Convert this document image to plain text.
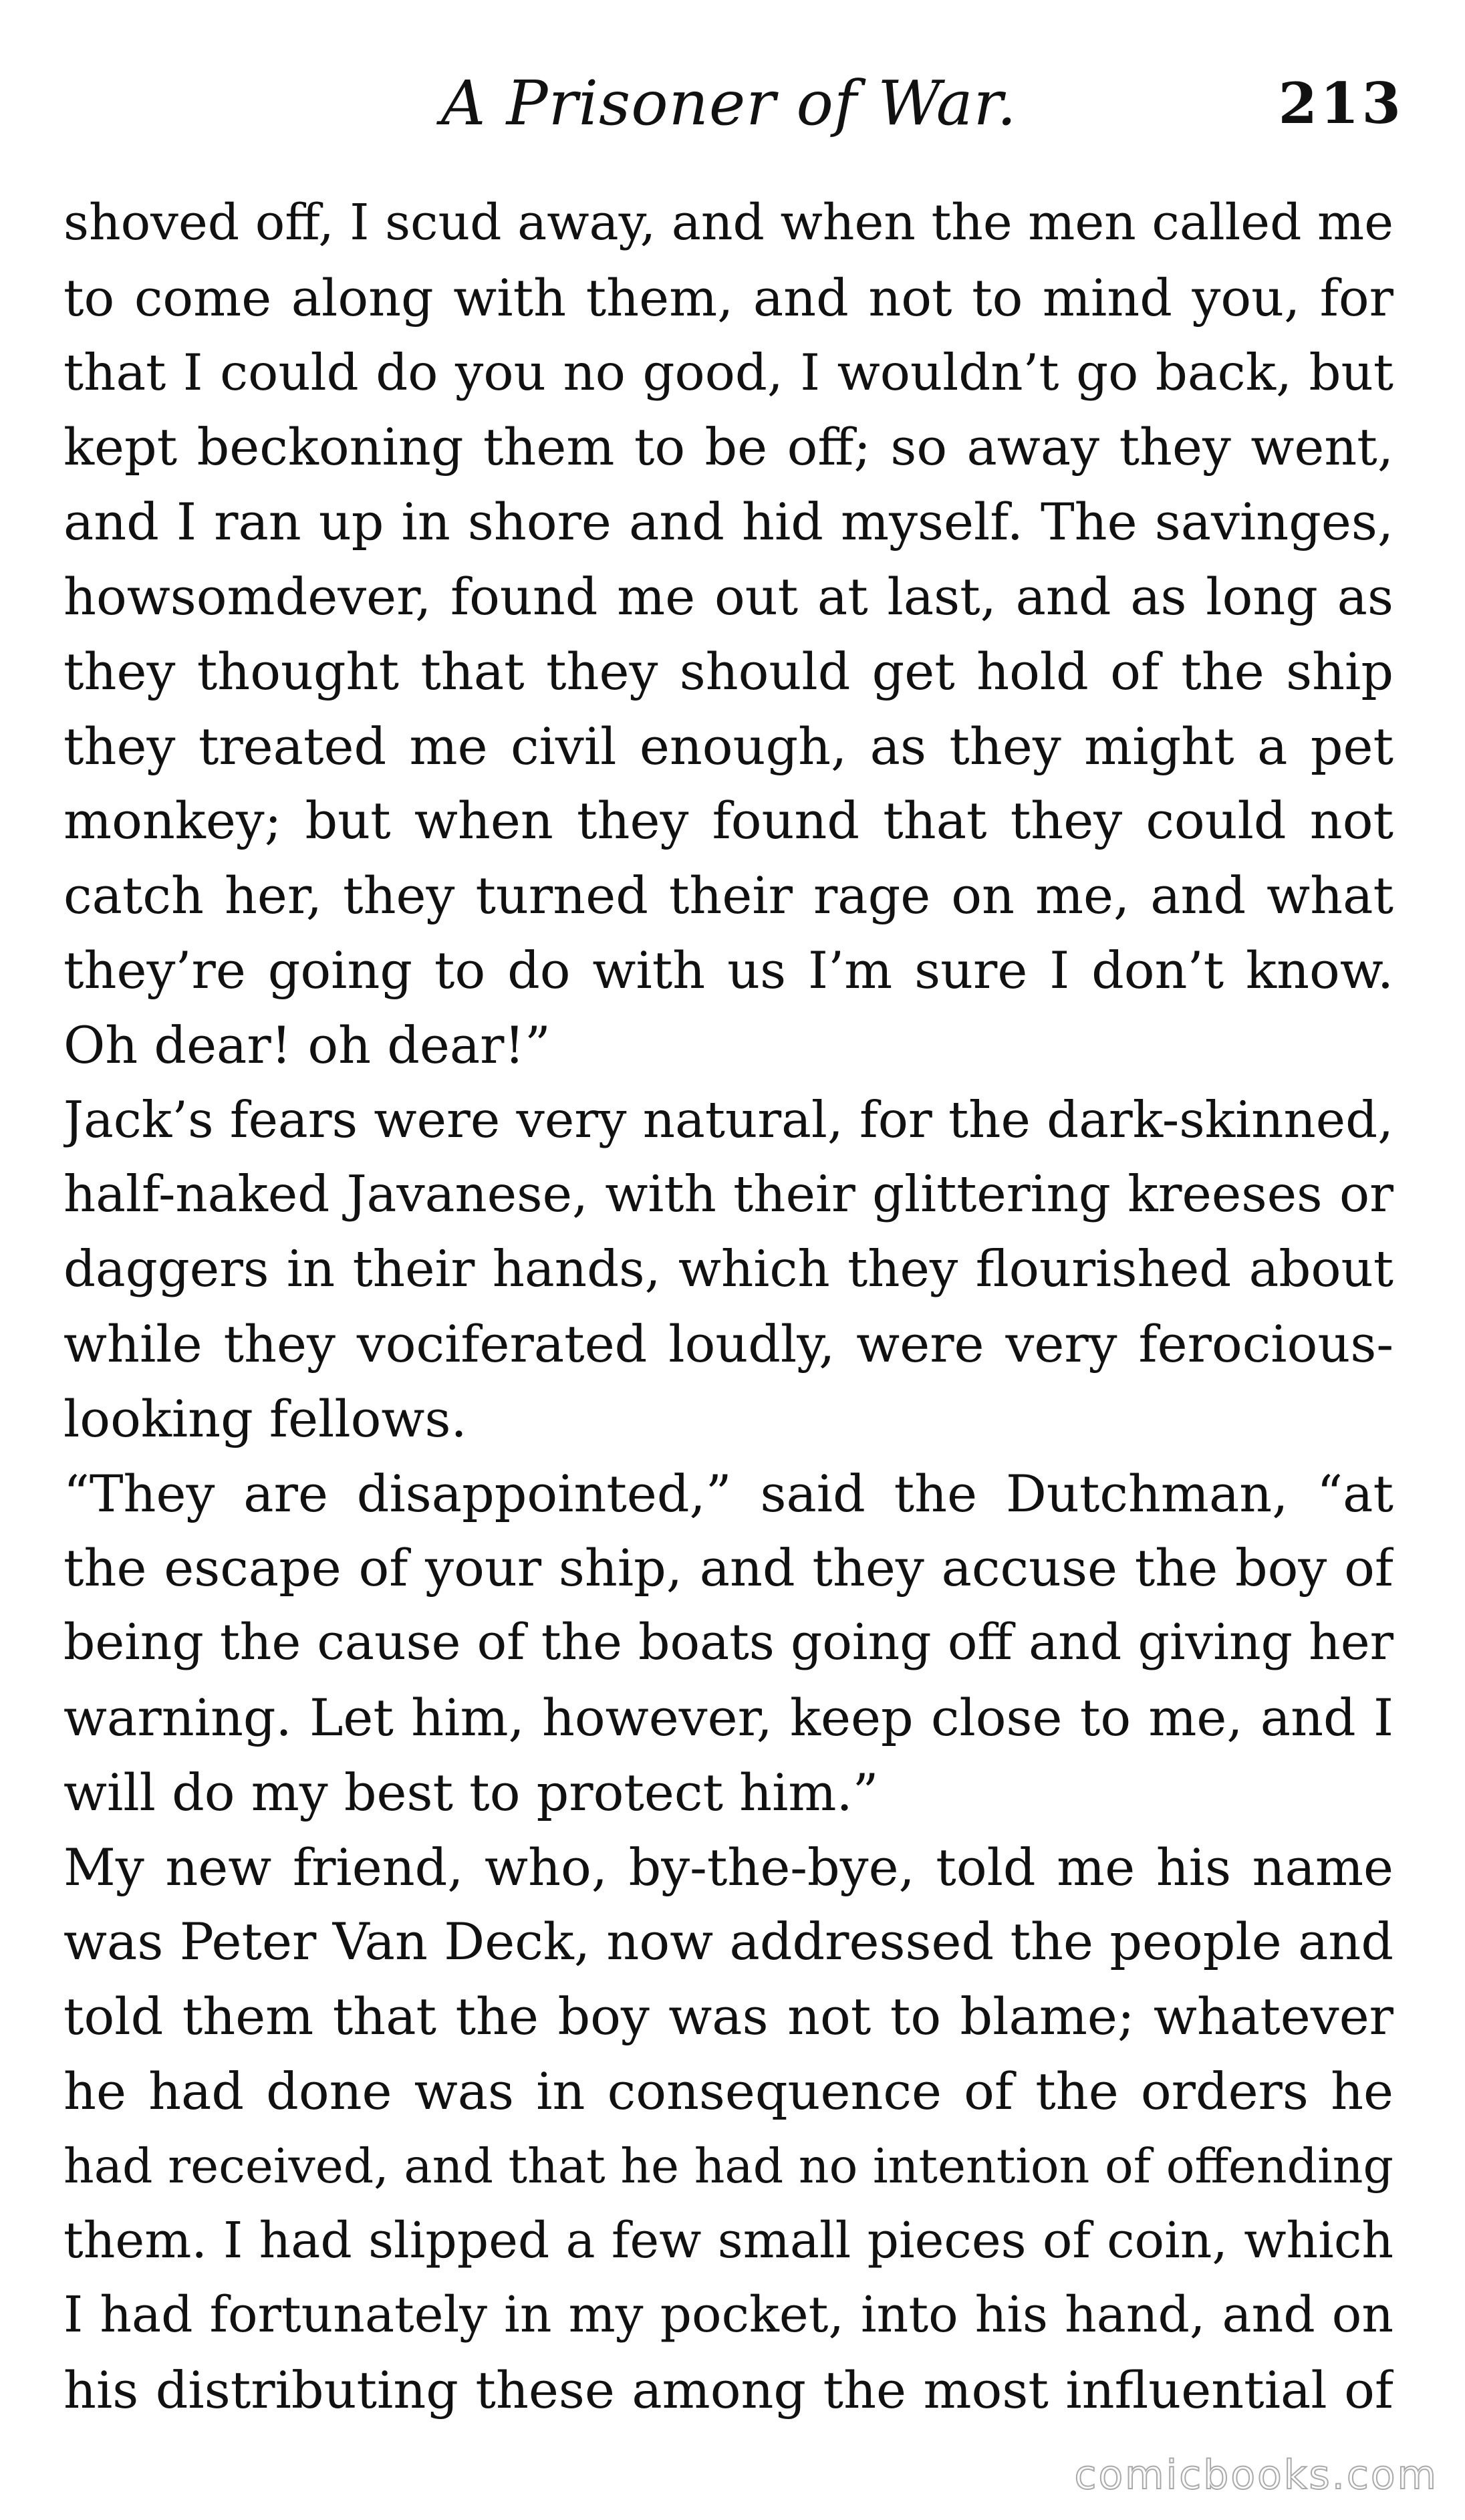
A Prisoner of War.	213
shoved off, I scud away, and when the men called me
to come along with them, and not to mind you, for
that I could do you no good, I wouldn’t go back, but
kept beckoning them to be off; so away they went,
and I ran up in shore and hid myself. The savinges,
howsomdever, found me out at last, and as long as
they thought that they should get hold of the ship
they treated me civil enough, as they might a pet
monkey; but when they found that they could not
catch her, they turned their rage on me, and what
they’re going to do with us I’m sure I don’t know.
Oh dear! oh dear!”
Jack’s fears were very natural, for the dark-skinned,
half-naked Javanese, with their glittering kreeses or
daggers in their hands, which they flourished about
while they vociferated loudly, were very ferocious-
looking fellows.
“They are disappointed,” said the Dutchman, “at
the escape of your ship, and they accuse the boy of
being the cause of the boats going off and giving her
warning. Let him, however, keep close to me, and I
will do my best to protect him.”
My new friend, who, by-the-bye, told me his name
was Peter Van Deck, now addressed the people and
told them that the boy was not to blame; whatever
he had done was in consequence of the orders he
had received, and that he had no intention of offending
them. I had slipped a few small pieces of coin, which
I had fortunately in my pocket, into his hand, and on
his distributing these among the most influential of
comicbooks.com
